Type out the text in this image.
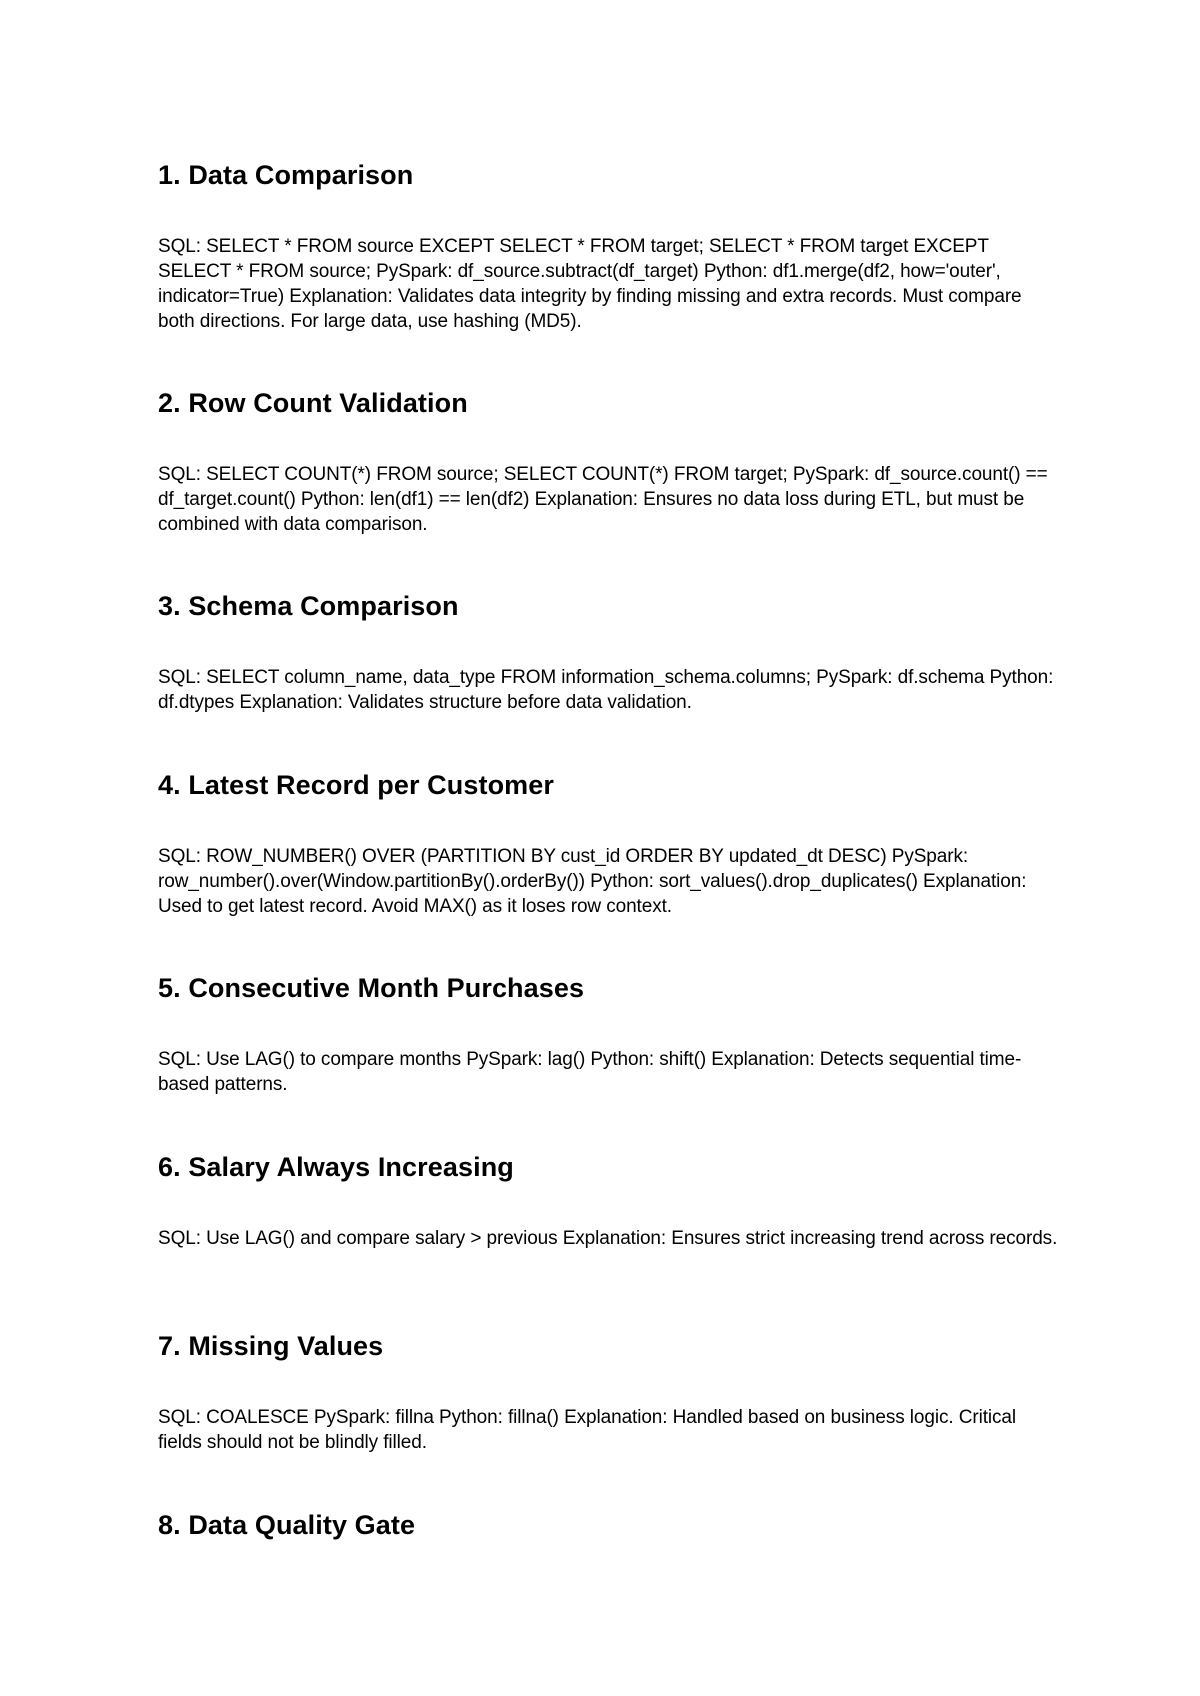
1. Data Comparison

SQL: SELECT * FROM source EXCEPT SELECT * FROM target; SELECT * FROM target EXCEPT SELECT * FROM source; PySpark: df_source.subtract(df_target) Python: df1.merge(df2, how='outer', indicator=True) Explanation: Validates data integrity by finding missing and extra records. Must compare both directions. For large data, use hashing (MD5).

2. Row Count Validation

SQL: SELECT COUNT(*) FROM source; SELECT COUNT(*) FROM target; PySpark: df_source.count() == df_target.count() Python: len(df1) == len(df2) Explanation: Ensures no data loss during ETL, but must be combined with data comparison.

3. Schema Comparison

SQL: SELECT column_name, data_type FROM information_schema.columns; PySpark: df.schema Python: df.dtypes Explanation: Validates structure before data validation.

4. Latest Record per Customer

SQL: ROW_NUMBER() OVER (PARTITION BY cust_id ORDER BY updated_dt DESC) PySpark: row_number().over(Window.partitionBy().orderBy()) Python: sort_values().drop_duplicates() Explanation: Used to get latest record. Avoid MAX() as it loses row context.

5. Consecutive Month Purchases

SQL: Use LAG() to compare months PySpark: lag() Python: shift() Explanation: Detects sequential time-based patterns.

6. Salary Always Increasing

SQL: Use LAG() and compare salary > previous Explanation: Ensures strict increasing trend across records.

7. Missing Values

SQL: COALESCE PySpark: fillna Python: fillna() Explanation: Handled based on business logic. Critical fields should not be blindly filled.

8. Data Quality Gate
